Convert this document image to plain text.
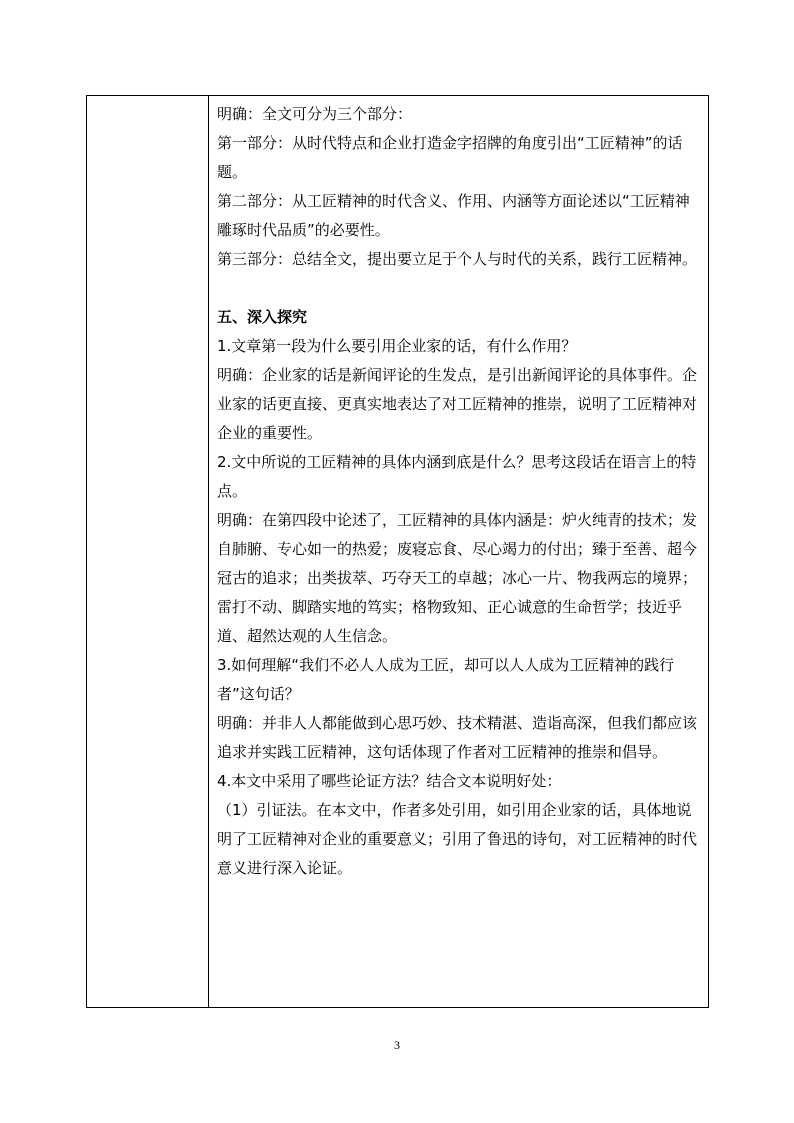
明确：全文可分为三个部分：

第一部分：从时代特点和企业打造金字招牌的角度引出“工匠精神”的话题。

第二部分：从工匠精神的时代含义、作用、内涵等方面论述以“工匠精神雕琢时代品质”的必要性。

第三部分：总结全文，提出要立足于个人与时代的关系，践行工匠精神。

五、深入探究

1.文章第一段为什么要引用企业家的话，有什么作用？

明确：企业家的话是新闻评论的生发点，是引出新闻评论的具体事件。企业家的话更直接、更真实地表达了对工匠精神的推崇，说明了工匠精神对企业的重要性。

2.文中所说的工匠精神的具体内涵到底是什么？思考这段话在语言上的特点。

明确：在第四段中论述了，工匠精神的具体内涵是：炉火纯青的技术；发自肺腑、专心如一的热爱；废寝忘食、尽心竭力的付出；臻于至善、超今冠古的追求；出类拔萃、巧夺天工的卓越；冰心一片、物我两忘的境界；雷打不动、脚踏实地的笃实；格物致知、正心诚意的生命哲学；技近乎道、超然达观的人生信念。

3.如何理解“我们不必人人成为工匠，却可以人人成为工匠精神的践行者”这句话？

明确：并非人人都能做到心思巧妙、技术精湛、造诣高深，但我们都应该追求并实践工匠精神，这句话体现了作者对工匠精神的推崇和倡导。

4.本文中采用了哪些论证方法？结合文本说明好处：

（1）引证法。在本文中，作者多处引用，如引用企业家的话，具体地说明了工匠精神对企业的重要意义；引用了鲁迅的诗句，对工匠精神的时代意义进行深入论证。

3
